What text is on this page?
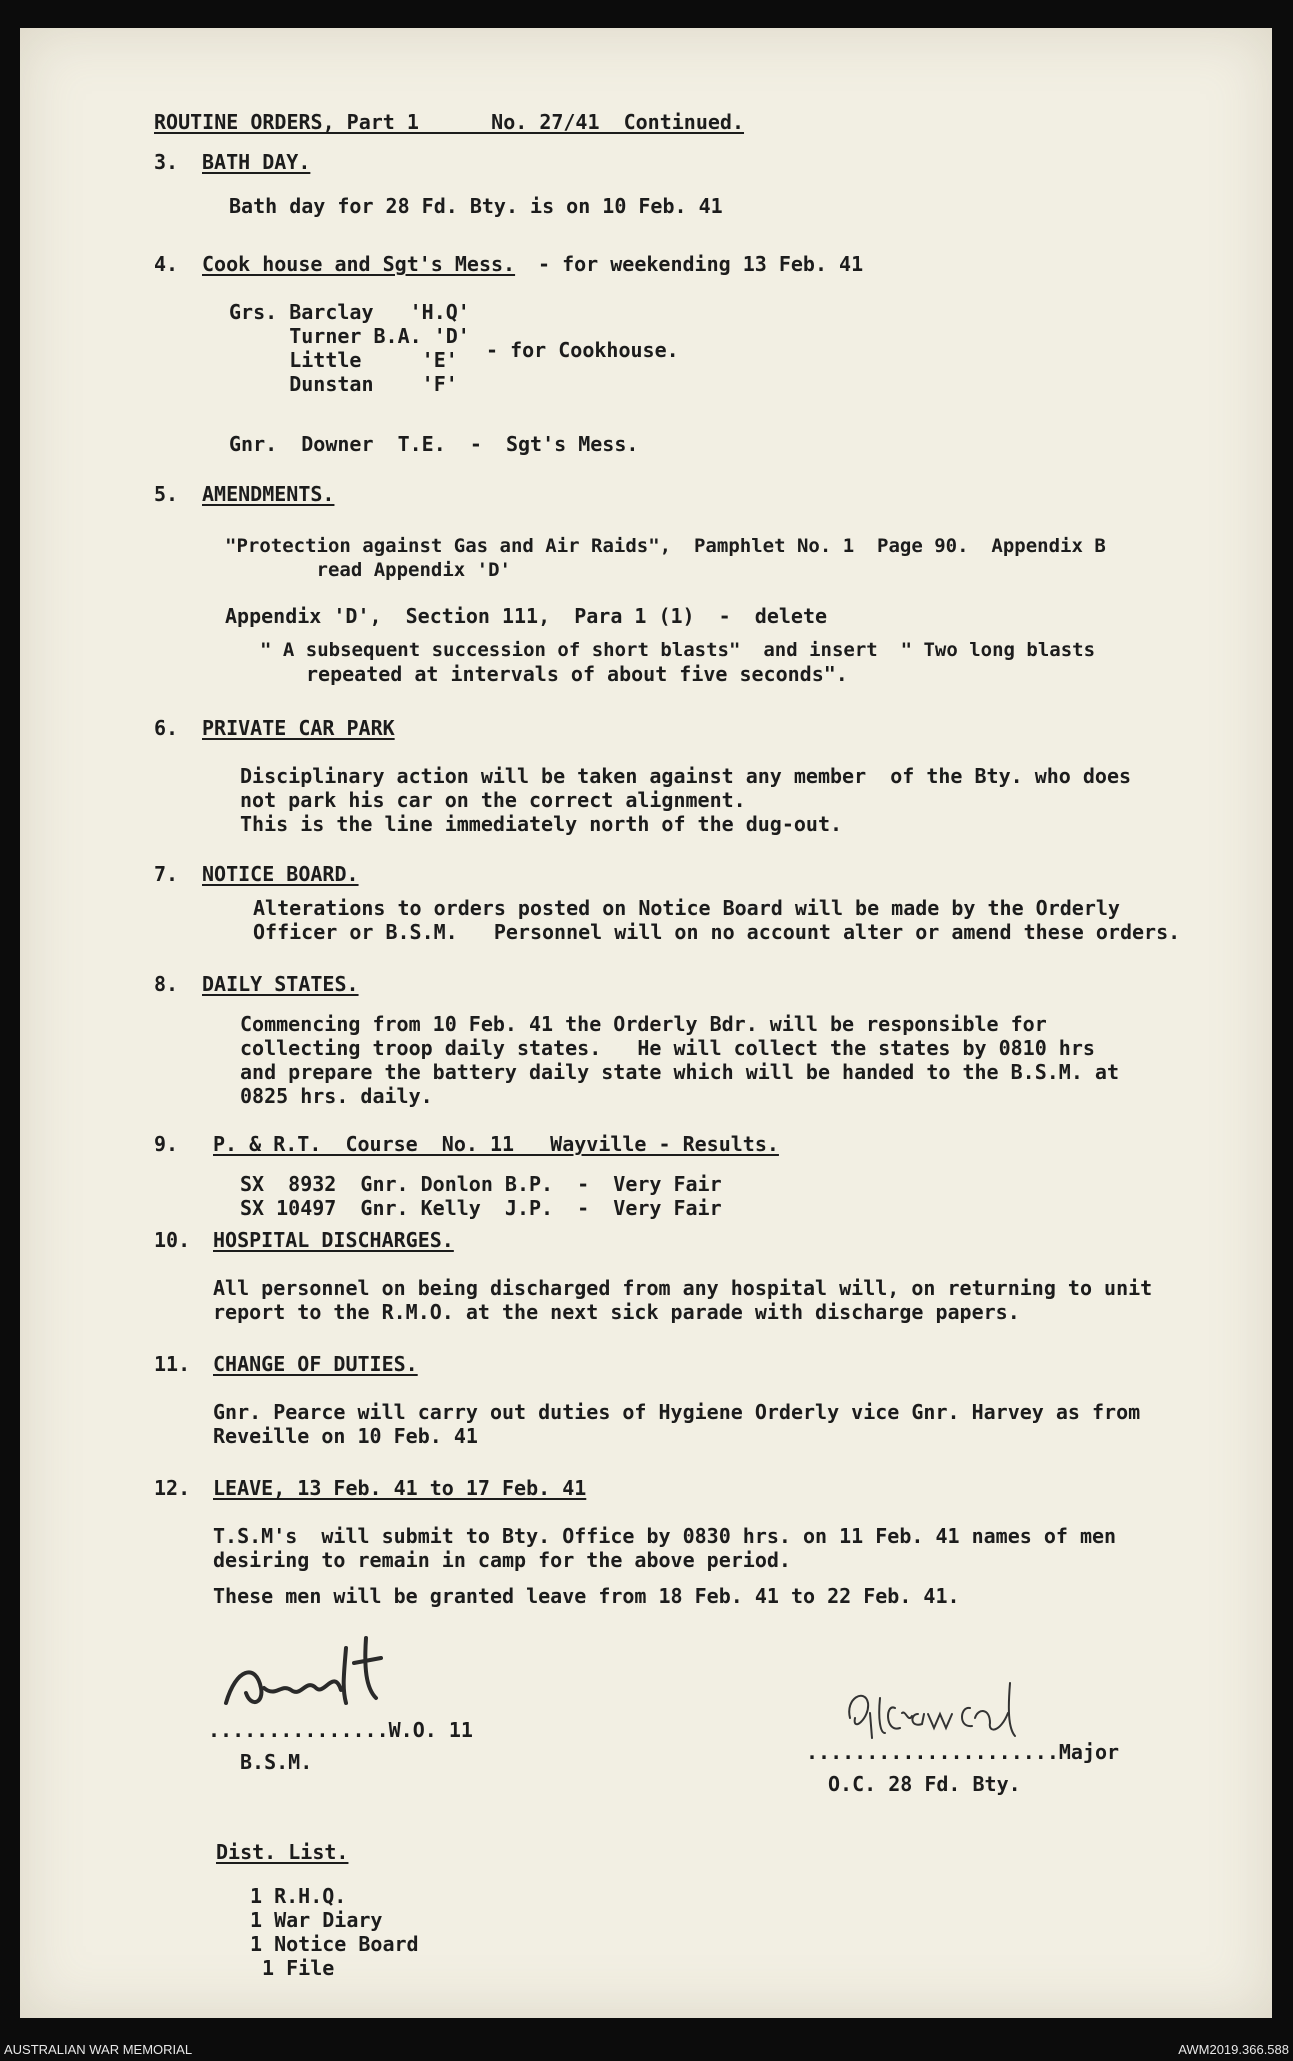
ROUTINE ORDERS, Part 1      No. 27/41  Continued.
3. BATH DAY.
Bath day for 28 Fd. Bty. is on 10 Feb. 41
4. Cook house and Sgt's Mess. - for weekending 13 Feb. 41
Grs. Barclay   'H.Q'
Turner B.A. 'D'
Little     'E'
Dunstan    'F'
- for Cookhouse.
Gnr.  Downer  T.E.  -  Sgt's Mess.
5. AMENDMENTS.
"Protection against Gas and Air Raids",  Pamphlet No. 1  Page 90.  Appendix B
read Appendix 'D'
Appendix 'D',  Section 111,  Para 1 (1)  -  delete
" A subsequent succession of short blasts"  and insert  " Two long blasts
repeated at intervals of about five seconds".
6. PRIVATE CAR PARK
Disciplinary action will be taken against any member  of the Bty. who does
not park his car on the correct alignment.
This is the line immediately north of the dug-out.
7. NOTICE BOARD.
Alterations to orders posted on Notice Board will be made by the Orderly
Officer or B.S.M.   Personnel will on no account alter or amend these orders.
8. DAILY STATES.
Commencing from 10 Feb. 41 the Orderly Bdr. will be responsible for
collecting troop daily states.   He will collect the states by 0810 hrs
and prepare the battery daily state which will be handed to the B.S.M. at
0825 hrs. daily.
9. P. & R.T.  Course  No. 11   Wayville - Results.
SX  8932  Gnr. Donlon B.P.  -  Very Fair
SX 10497  Gnr. Kelly  J.P.  -  Very Fair
10. HOSPITAL DISCHARGES.
All personnel on being discharged from any hospital will, on returning to unit
report to the R.M.O. at the next sick parade with discharge papers.
11. CHANGE OF DUTIES.
Gnr. Pearce will carry out duties of Hygiene Orderly vice Gnr. Harvey as from
Reveille on 10 Feb. 41
12. LEAVE, 13 Feb. 41 to 17 Feb. 41
T.S.M's  will submit to Bty. Office by 0830 hrs. on 11 Feb. 41 names of men
desiring to remain in camp for the above period.
These men will be granted leave from 18 Feb. 41 to 22 Feb. 41.
...............W.O. 11
B.S.M.	.....................Major
O.C. 28 Fd. Bty.
Dist. List.
1 R.H.Q.
1 War Diary
1 Notice Board
1 File
AUSTRALIAN WAR MEMORIAL	AWM2019.366.588
